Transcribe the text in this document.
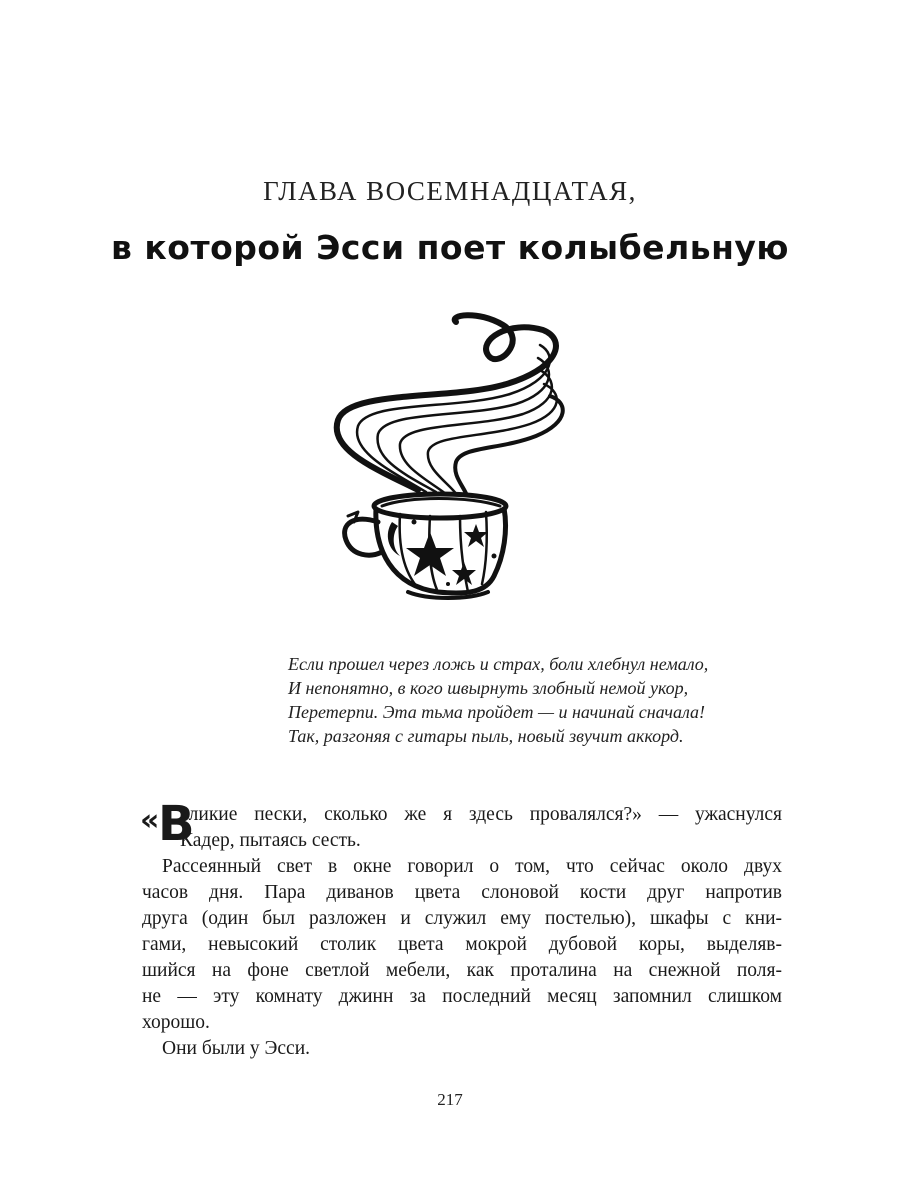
ГЛАВА ВОСЕМНАДЦАТАЯ,
в которой Эсси поет колыбельную
Если прошел через ложь и страх, боли хлебнул немало,
И непонятно, в кого швырнуть злобный немой укор,
Перетерпи. Эта тьма пройдет — и начинай сначала!
Так, разгоняя с гитары пыль, новый звучит аккорд.
«
В
еликие пески, сколько же я здесь провалялся?» — ужаснулся
Кадер, пытаясь сесть.
Рассеянный свет в окне говорил о том, что сейчас около двух
часов дня. Пара диванов цвета слоновой кости друг напротив
друга (один был разложен и служил ему постелью), шкафы с кни-
гами, невысокий столик цвета мокрой дубовой коры, выделяв-
шийся на фоне светлой мебели, как проталина на снежной поля-
не — эту комнату джинн за последний месяц запомнил слишком
хорошо.
Они были у Эсси.
217
